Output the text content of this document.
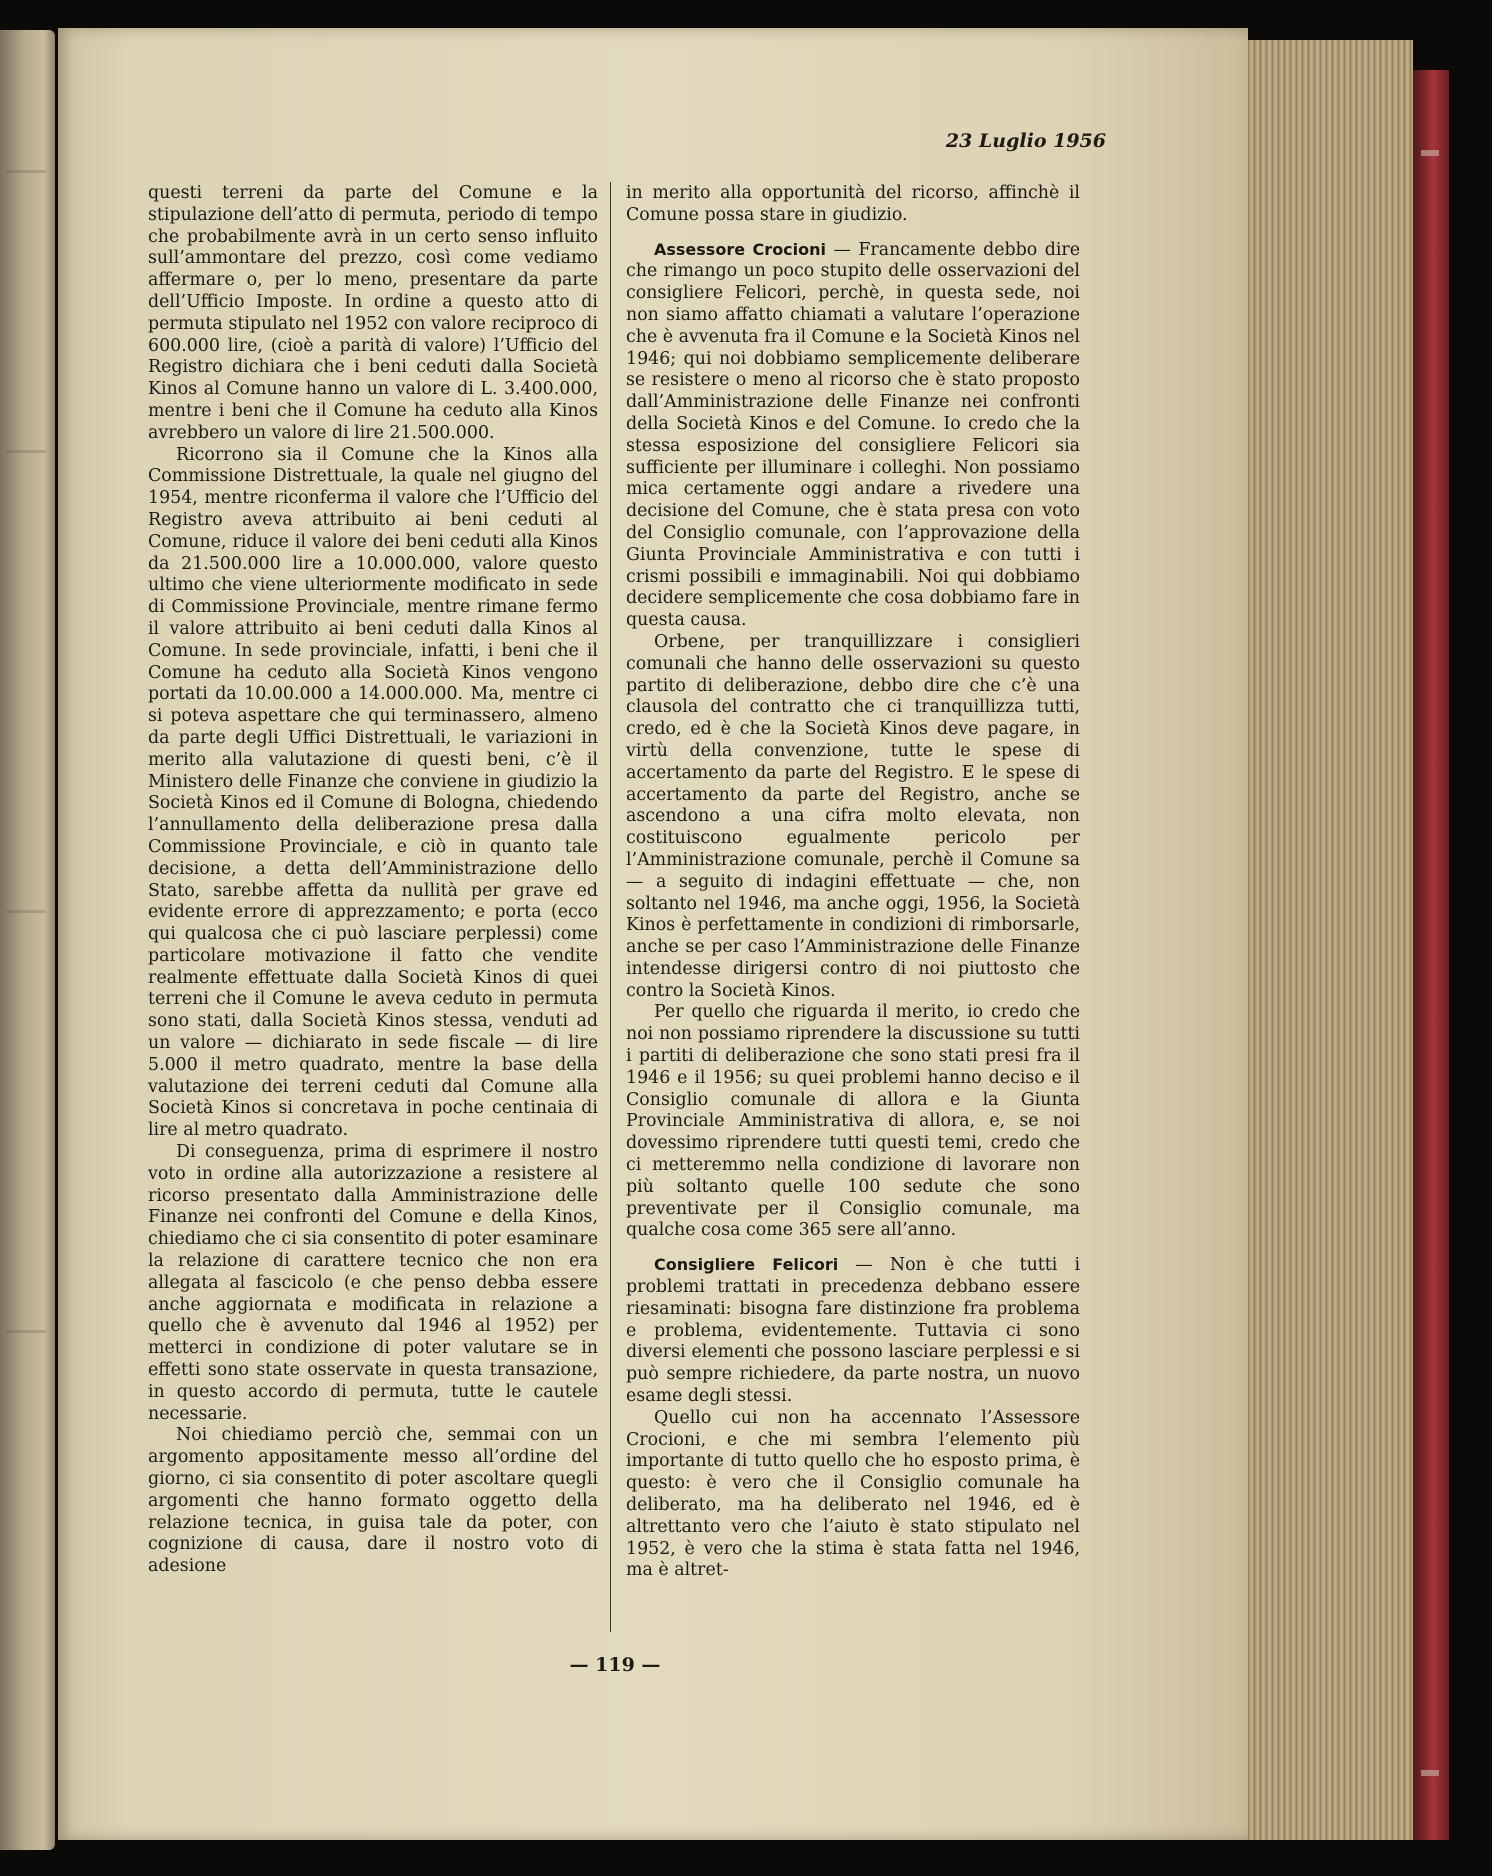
23 Luglio 1956

questi terreni da parte del Comune e la stipulazione dell’atto di permuta, periodo di tempo che probabilmente avrà in un certo senso influito sull’ammontare del prezzo, così come vediamo affermare o, per lo meno, presentare da parte dell’Ufficio Imposte. In ordine a questo atto di permuta stipulato nel 1952 con valore reciproco di 600.000 lire, (cioè a parità di valore) l’Ufficio del Registro dichiara che i beni ceduti dalla Società Kinos al Comune hanno un valore di L. 3.400.000, mentre i beni che il Comune ha ceduto alla Kinos avrebbero un valore di lire 21.500.000.

Ricorrono sia il Comune che la Kinos alla Commissione Distrettuale, la quale nel giugno del 1954, mentre riconferma il valore che l’Ufficio del Registro aveva attribuito ai beni ceduti al Comune, riduce il valore dei beni ceduti alla Kinos da 21.500.000 lire a 10.000.000, valore questo ultimo che viene ulteriormente modificato in sede di Commissione Provinciale, mentre rimane fermo il valore attribuito ai beni ceduti dalla Kinos al Comune. In sede provinciale, infatti, i beni che il Comune ha ceduto alla Società Kinos vengono portati da 10.00.000 a 14.000.000. Ma, mentre ci si poteva aspettare che qui terminassero, almeno da parte degli Uffici Distrettuali, le variazioni in merito alla valutazione di questi beni, c’è il Ministero delle Finanze che conviene in giudizio la Società Kinos ed il Comune di Bologna, chiedendo l’annullamento della deliberazione presa dalla Commissione Provinciale, e ciò in quanto tale decisione, a detta dell’Amministrazione dello Stato, sarebbe affetta da nullità per grave ed evidente errore di apprezzamento; e porta (ecco qui qualcosa che ci può lasciare perplessi) come particolare motivazione il fatto che vendite realmente effettuate dalla Società Kinos di quei terreni che il Comune le aveva ceduto in permuta sono stati, dalla Società Kinos stessa, venduti ad un valore — dichiarato in sede fiscale — di lire 5.000 il metro quadrato, mentre la base della valutazione dei terreni ceduti dal Comune alla Società Kinos si concretava in poche centinaia di lire al metro quadrato.

Di conseguenza, prima di esprimere il nostro voto in ordine alla autorizzazione a resistere al ricorso presentato dalla Amministrazione delle Finanze nei confronti del Comune e della Kinos, chiediamo che ci sia consentito di poter esaminare la relazione di carattere tecnico che non era allegata al fascicolo (e che penso debba essere anche aggiornata e modificata in relazione a quello che è avvenuto dal 1946 al 1952) per metterci in condizione di poter valutare se in effetti sono state osservate in questa transazione, in questo accordo di permuta, tutte le cautele necessarie.

Noi chiediamo perciò che, semmai con un argomento appositamente messo all’ordine del giorno, ci sia consentito di poter ascoltare quegli argomenti che hanno formato oggetto della relazione tecnica, in guisa tale da poter, con cognizione di causa, dare il nostro voto di adesione

in merito alla opportunità del ricorso, affinchè il Comune possa stare in giudizio.

Assessore Crocioni — Francamente debbo dire che rimango un poco stupito delle osservazioni del consigliere Felicori, perchè, in questa sede, noi non siamo affatto chiamati a valutare l’operazione che è avvenuta fra il Comune e la Società Kinos nel 1946; qui noi dobbiamo semplicemente deliberare se resistere o meno al ricorso che è stato proposto dall’Amministrazione delle Finanze nei confronti della Società Kinos e del Comune. Io credo che la stessa esposizione del consigliere Felicori sia sufficiente per illuminare i colleghi. Non possiamo mica certamente oggi andare a rivedere una decisione del Comune, che è stata presa con voto del Consiglio comunale, con l’approvazione della Giunta Provinciale Amministrativa e con tutti i crismi possibili e immaginabili. Noi qui dobbiamo decidere semplicemente che cosa dobbiamo fare in questa causa.

Orbene, per tranquillizzare i consiglieri comunali che hanno delle osservazioni su questo partito di deliberazione, debbo dire che c’è una clausola del contratto che ci tranquillizza tutti, credo, ed è che la Società Kinos deve pagare, in virtù della convenzione, tutte le spese di accertamento da parte del Registro. E le spese di accertamento da parte del Registro, anche se ascendono a una cifra molto elevata, non costituiscono egualmente pericolo per l’Amministrazione comunale, perchè il Comune sa — a seguito di indagini effettuate — che, non soltanto nel 1946, ma anche oggi, 1956, la Società Kinos è perfettamente in condizioni di rimborsarle, anche se per caso l’Amministrazione delle Finanze intendesse dirigersi contro di noi piuttosto che contro la Società Kinos.

Per quello che riguarda il merito, io credo che noi non possiamo riprendere la discussione su tutti i partiti di deliberazione che sono stati presi fra il 1946 e il 1956; su quei problemi hanno deciso e il Consiglio comunale di allora e la Giunta Provinciale Amministrativa di allora, e, se noi dovessimo riprendere tutti questi temi, credo che ci metteremmo nella condizione di lavorare non più soltanto quelle 100 sedute che sono preventivate per il Consiglio comunale, ma qualche cosa come 365 sere all’anno.

Consigliere Felicori — Non è che tutti i problemi trattati in precedenza debbano essere riesaminati: bisogna fare distinzione fra problema e problema, evidentemente. Tuttavia ci sono diversi elementi che possono lasciare perplessi e si può sempre richiedere, da parte nostra, un nuovo esame degli stessi.

Quello cui non ha accennato l’Assessore Crocioni, e che mi sembra l’elemento più importante di tutto quello che ho esposto prima, è questo: è vero che il Consiglio comunale ha deliberato, ma ha deliberato nel 1946, ed è altrettanto vero che l’aiuto è stato stipulato nel 1952, è vero che la stima è stata fatta nel 1946, ma è altret-

— 119 —
